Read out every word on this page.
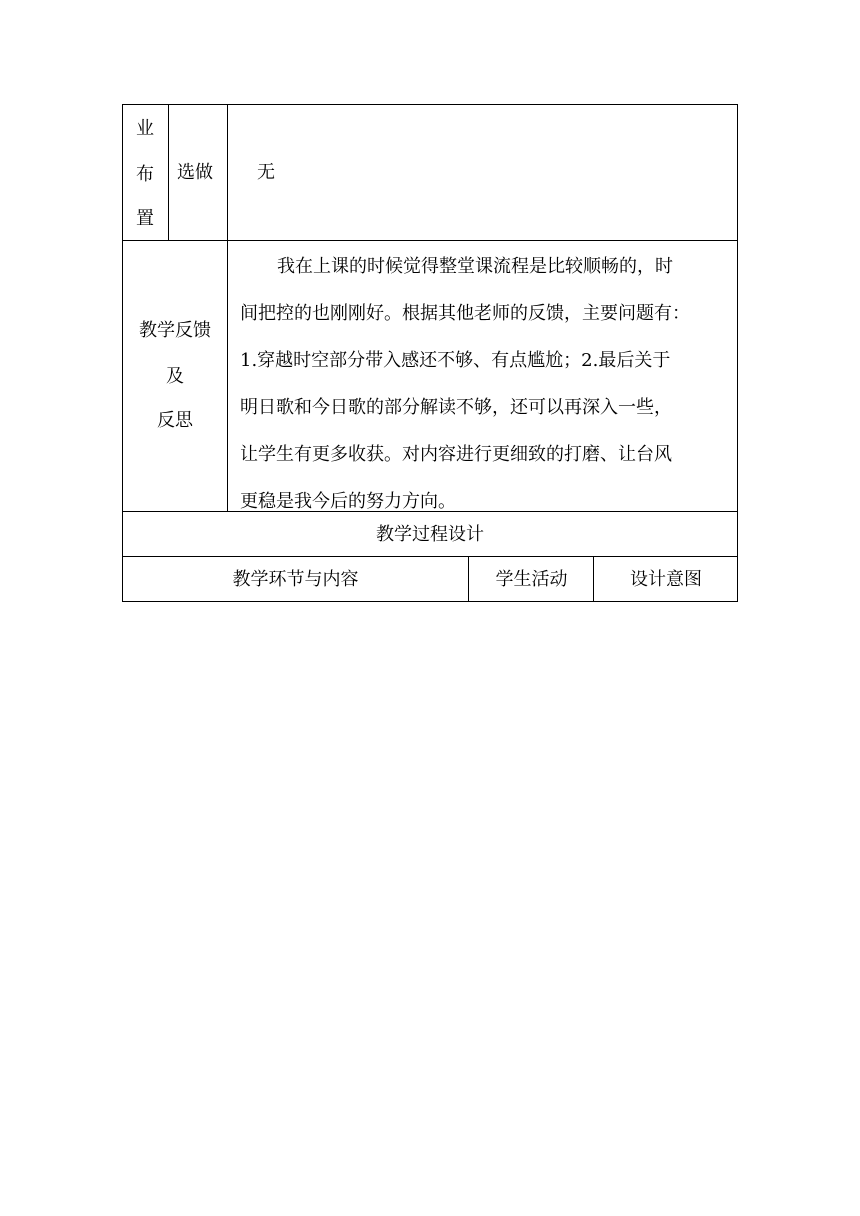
业
布
置
选做 无
教学反馈
及
反思
我在上课的时候觉得整堂课流程是比较顺畅的，时
间把控的也刚刚好。根据其他老师的反馈，主要问题有：
1.穿越时空部分带入感还不够、有点尴尬；2.最后关于
明日歌和今日歌的部分解读不够，还可以再深入一些，
让学生有更多收获。对内容进行更细致的打磨、让台风
更稳是我今后的努力方向。
教学过程设计
教学环节与内容	学生活动	设计意图
